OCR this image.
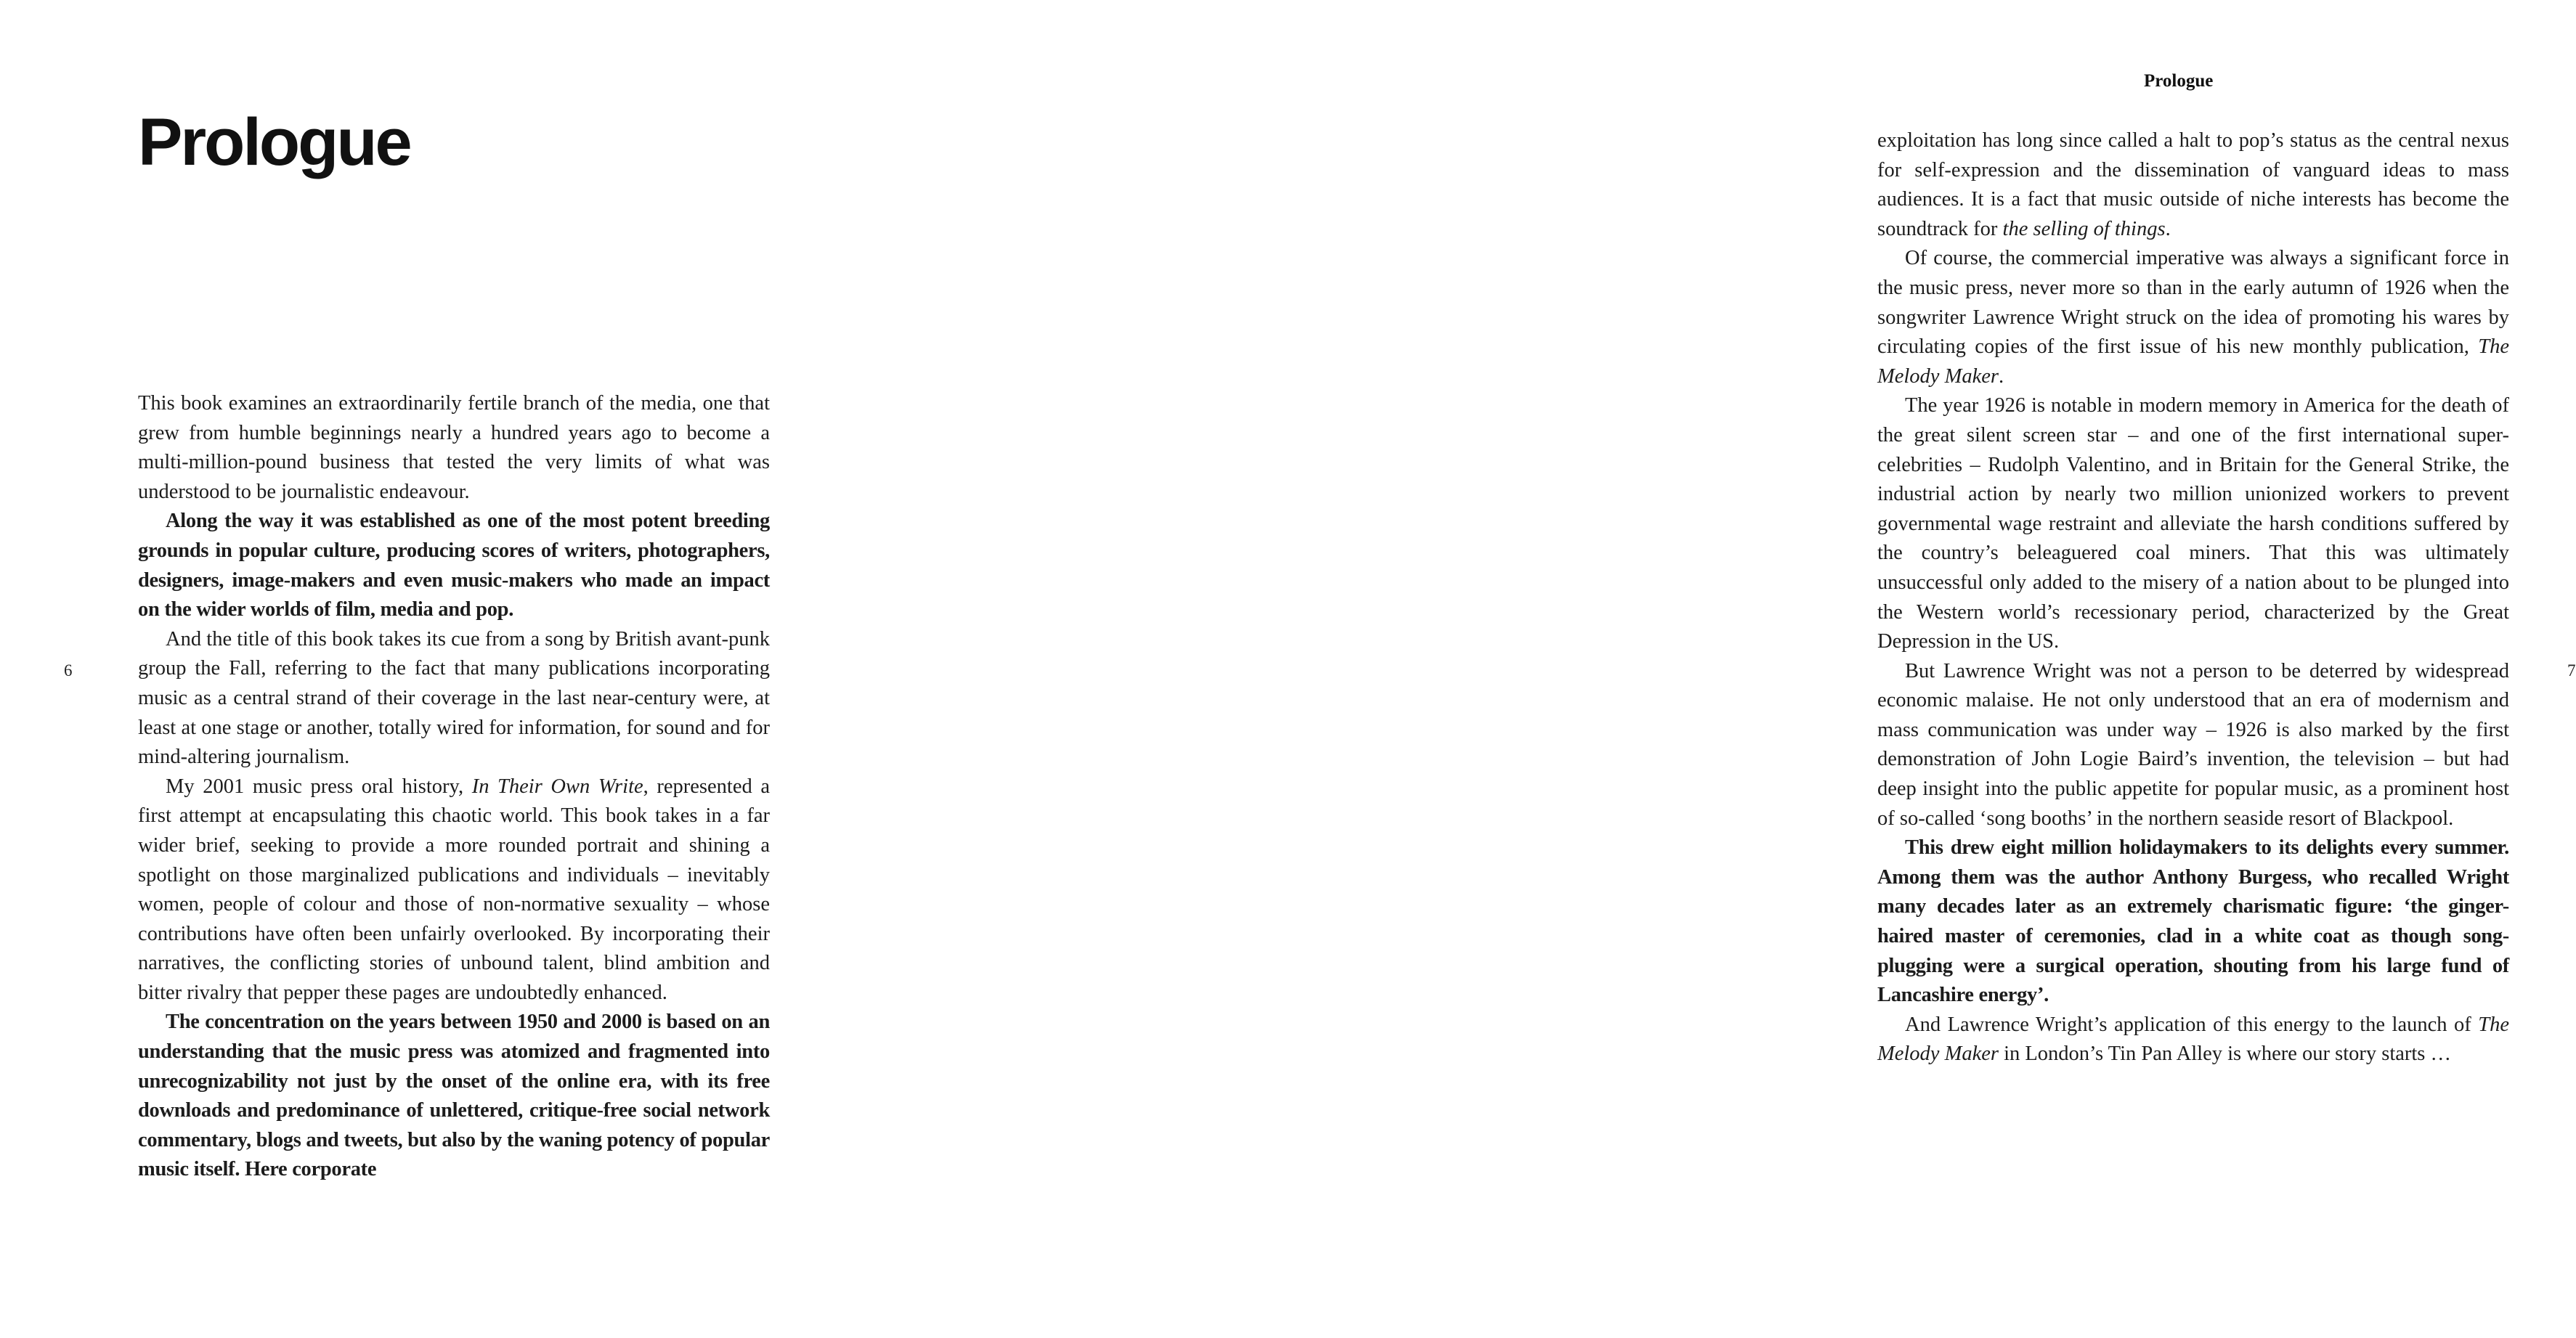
Prologue

This book examines an extraordinarily fertile branch of the media, one that grew from humble beginnings nearly a hundred years ago to become a multi-million-pound business that tested the very limits of what was understood to be journalistic endeavour.

Along the way it was established as one of the most potent breeding grounds in popular culture, producing scores of writers, photographers, designers, image-makers and even music-makers who made an impact on the wider worlds of film, media and pop.

And the title of this book takes its cue from a song by British avant-punk group the Fall, referring to the fact that many publications incorporating music as a central strand of their coverage in the last near-century were, at least at one stage or another, totally wired for information, for sound and for mind-altering journalism.

My 2001 music press oral history, In Their Own Write, represented a first attempt at encapsulating this chaotic world. This book takes in a far wider brief, seeking to provide a more rounded portrait and shining a spotlight on those marginalized publications and individuals – inevitably women, people of colour and those of non-normative sexuality – whose contributions have often been unfairly overlooked. By incorporating their narratives, the conflicting stories of unbound talent, blind ambition and bitter rivalry that pepper these pages are undoubtedly enhanced.

The concentration on the years between 1950 and 2000 is based on an understanding that the music press was atomized and fragmented into unrecognizability not just by the onset of the online era, with its free downloads and predominance of unlettered, critique-free social network commentary, blogs and tweets, but also by the waning potency of popular music itself. Here corporate

6
Prologue

exploitation has long since called a halt to pop’s status as the central nexus for self-expression and the dissemination of vanguard ideas to mass audiences. It is a fact that music outside of niche interests has become the soundtrack for the selling of things.

Of course, the commercial imperative was always a significant force in the music press, never more so than in the early autumn of 1926 when the songwriter Lawrence Wright struck on the idea of promoting his wares by circulating copies of the first issue of his new monthly publication, The Melody Maker.

The year 1926 is notable in modern memory in America for the death of the great silent screen star – and one of the first international super-celebrities – Rudolph Valentino, and in Britain for the General Strike, the industrial action by nearly two million unionized workers to prevent governmental wage restraint and alleviate the harsh conditions suffered by the country’s beleaguered coal miners. That this was ultimately unsuccessful only added to the misery of a nation about to be plunged into the Western world’s recessionary period, characterized by the Great Depression in the US.

But Lawrence Wright was not a person to be deterred by widespread economic malaise. He not only understood that an era of modernism and mass communication was under way – 1926 is also marked by the first demonstration of John Logie Baird’s invention, the television – but had deep insight into the public appetite for popular music, as a prominent host of so-called ‘song booths’ in the northern seaside resort of Blackpool.

This drew eight million holidaymakers to its delights every summer. Among them was the author Anthony Burgess, who recalled Wright many decades later as an extremely charismatic figure: ‘the ginger-haired master of ceremonies, clad in a white coat as though song-plugging were a surgical operation, shouting from his large fund of Lancashire energy’.

And Lawrence Wright’s application of this energy to the launch of The Melody Maker in London’s Tin Pan Alley is where our story starts …

7
